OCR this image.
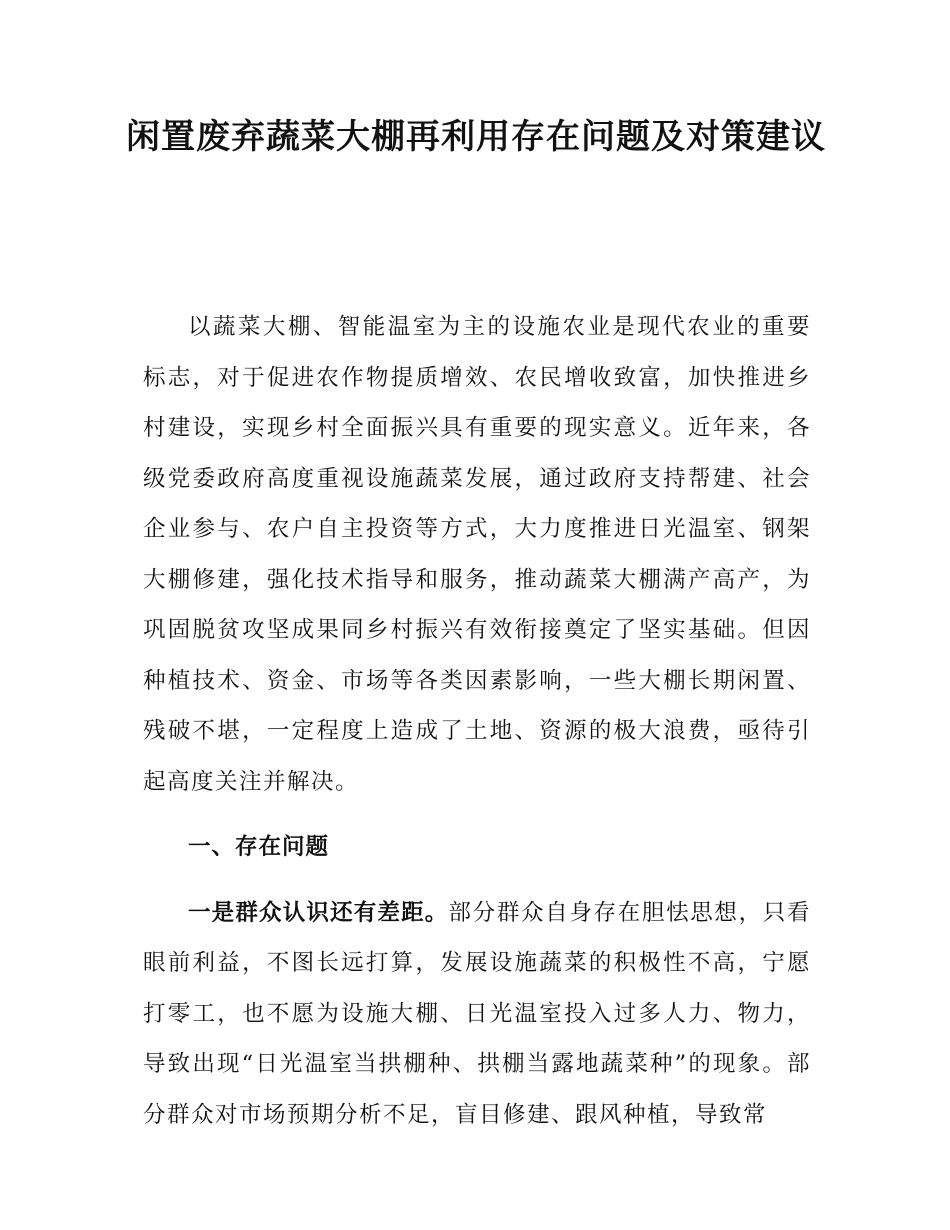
闲置废弃蔬菜大棚再利用存在问题及对策建议

以蔬菜大棚、智能温室为主的设施农业是现代农业的重要标志，对于促进农作物提质增效、农民增收致富，加快推进乡村建设，实现乡村全面振兴具有重要的现实意义。近年来，各级党委政府高度重视设施蔬菜发展，通过政府支持帮建、社会企业参与、农户自主投资等方式，大力度推进日光温室、钢架大棚修建，强化技术指导和服务，推动蔬菜大棚满产高产，为巩固脱贫攻坚成果同乡村振兴有效衔接奠定了坚实基础。但因种植技术、资金、市场等各类因素影响，一些大棚长期闲置、残破不堪，一定程度上造成了土地、资源的极大浪费，亟待引起高度关注并解决。

一、存在问题

一是群众认识还有差距。部分群众自身存在胆怯思想，只看眼前利益，不图长远打算，发展设施蔬菜的积极性不高，宁愿打零工，也不愿为设施大棚、日光温室投入过多人力、物力，导致出现“日光温室当拱棚种、拱棚当露地蔬菜种”的现象。部分群众对市场预期分析不足，盲目修建、跟风种植，导致常
